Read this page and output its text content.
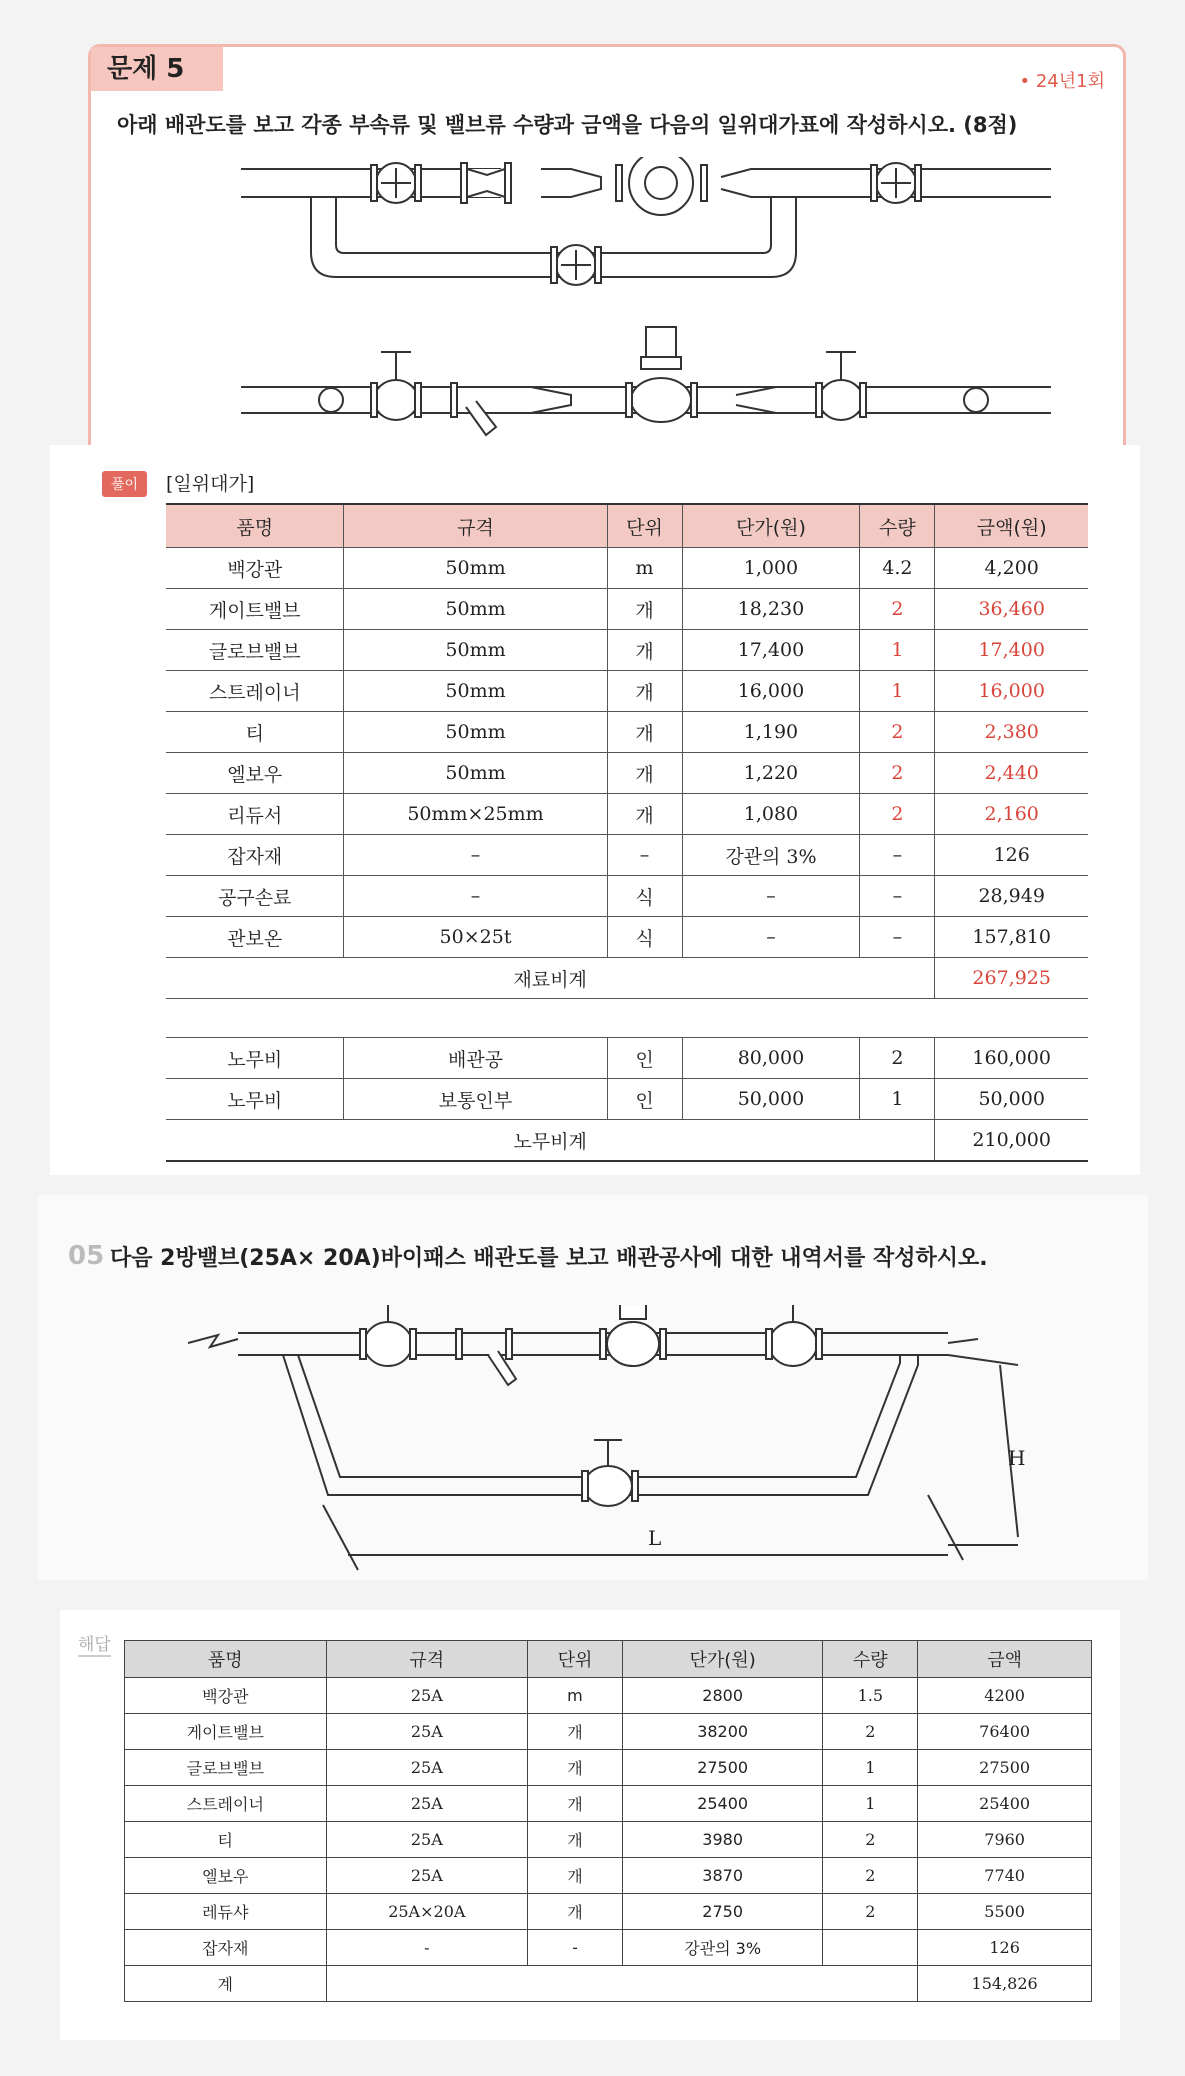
문제 5	• 24년1회
아래 배관도를 보고 각종 부속류 및 밸브류 수량과 금액을 다음의 일위대가표에 작성하시오. (8점)
풀이	[일위대가]
품명	규격	단위	단가(원)	수량	금액(원)
백강관	50mm	m	1,000	4.2	4,200
게이트밸브	50mm	개	18,230	2	36,460
글로브밸브	50mm	개	17,400	1	17,400
스트레이너	50mm	개	16,000	1	16,000
티	50mm	개	1,190	2	2,380
엘보우	50mm	개	1,220	2	2,440
리듀서	50mm×25mm	개	1,080	2	2,160
잡자재	–	–	강관의 3%	–	126
공구손료	–	식	–	–	28,949
관보온	50×25t	식	–	–	157,810
재료비계					267,925

노무비	배관공	인	80,000	2	160,000
노무비	보통인부	인	50,000	1	50,000
노무비계					210,000
05 다음 2방밸브(25A× 20A)바이패스 배관도를 보고 배관공사에 대한 내역서를 작성하시오.
H
L
해답
품명	규격	단위	단가(원)	수량	금액
백강관	25A	m	2800	1.5	4200
게이트밸브	25A	개	38200	2	76400
글로브밸브	25A	개	27500	1	27500
스트레이너	25A	개	25400	1	25400
티	25A	개	3980	2	7960
엘보우	25A	개	3870	2	7740
레듀샤	25A×20A	개	2750	2	5500
잡자재	-	-	강관의 3%		126
계					154,826
